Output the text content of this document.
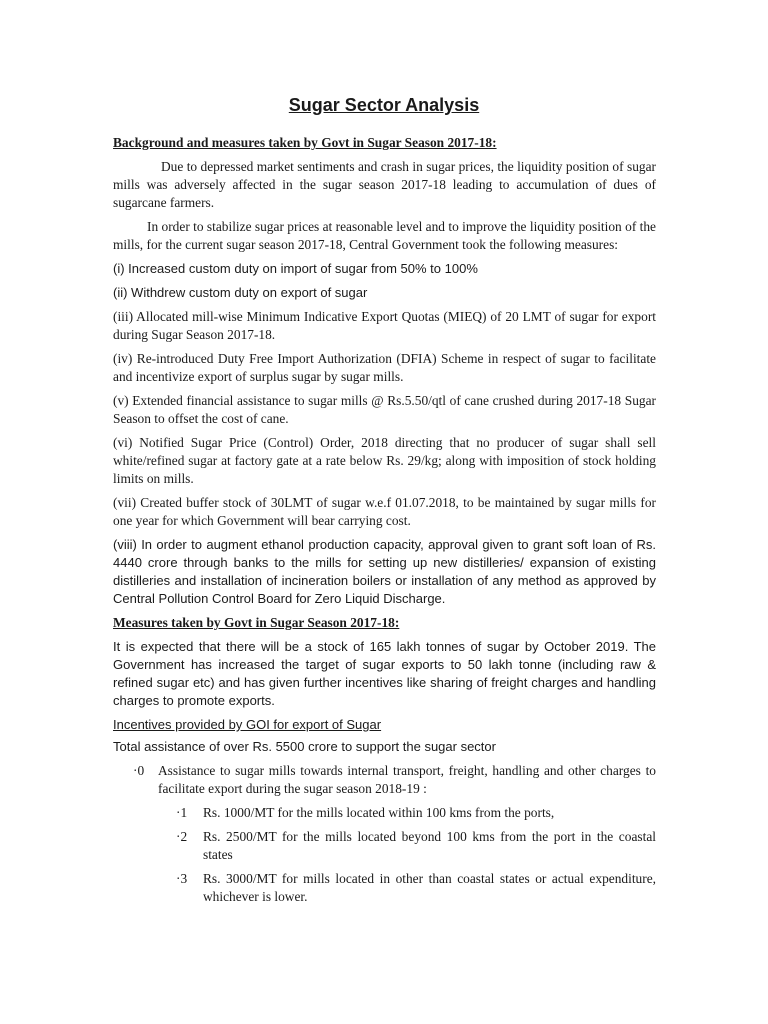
Sugar Sector Analysis

Background and measures taken by Govt in Sugar Season 2017-18:

Due to depressed market sentiments and crash in sugar prices, the liquidity position of sugar mills was adversely affected in the sugar season 2017-18 leading to accumulation of dues of sugarcane farmers.

In order to stabilize sugar prices at reasonable level and to improve the liquidity position of the mills, for the current sugar season 2017-18, Central Government took the following measures:

(i) Increased custom duty on import of sugar from 50% to 100%

(ii) Withdrew custom duty on export of sugar

(iii) Allocated mill-wise Minimum Indicative Export Quotas (MIEQ) of 20 LMT of sugar for export during Sugar Season 2017-18.

(iv) Re-introduced Duty Free Import Authorization (DFIA) Scheme in respect of sugar to facilitate and incentivize export of surplus sugar by sugar mills.

(v) Extended financial assistance to sugar mills @ Rs.5.50/qtl of cane crushed during 2017-18 Sugar Season to offset the cost of cane.

(vi) Notified Sugar Price (Control) Order, 2018 directing that no producer of sugar shall sell white/refined sugar at factory gate at a rate below Rs. 29/kg; along with imposition of stock holding limits on mills.

(vii) Created buffer stock of 30LMT of sugar w.e.f 01.07.2018, to be maintained by sugar mills for one year for which Government will bear carrying cost.

(viii) In order to augment ethanol production capacity, approval given to grant soft loan of Rs. 4440 crore through banks to the mills for setting up new distilleries/ expansion of existing distilleries and installation of incineration boilers or installation of any method as approved by Central Pollution Control Board for Zero Liquid Discharge.

Measures taken by Govt in Sugar Season 2017-18:

It is expected that there will be a stock of 165 lakh tonnes of sugar by October 2019. The Government has increased the target of sugar exports to 50 lakh tonne (including raw & refined sugar etc) and has given further incentives like sharing of freight charges and handling charges to promote exports.

Incentives provided by GOI for export of Sugar

Total assistance of over Rs. 5500 crore to support the sugar sector

·0 Assistance to sugar mills towards internal transport, freight, handling and other charges to facilitate export during the sugar season 2018-19 :
·1 Rs. 1000/MT for the mills located within 100 kms from the ports,
·2 Rs. 2500/MT for the mills located beyond 100 kms from the port in the coastal states
·3 Rs. 3000/MT for mills located in other than coastal states or actual expenditure, whichever is lower.
